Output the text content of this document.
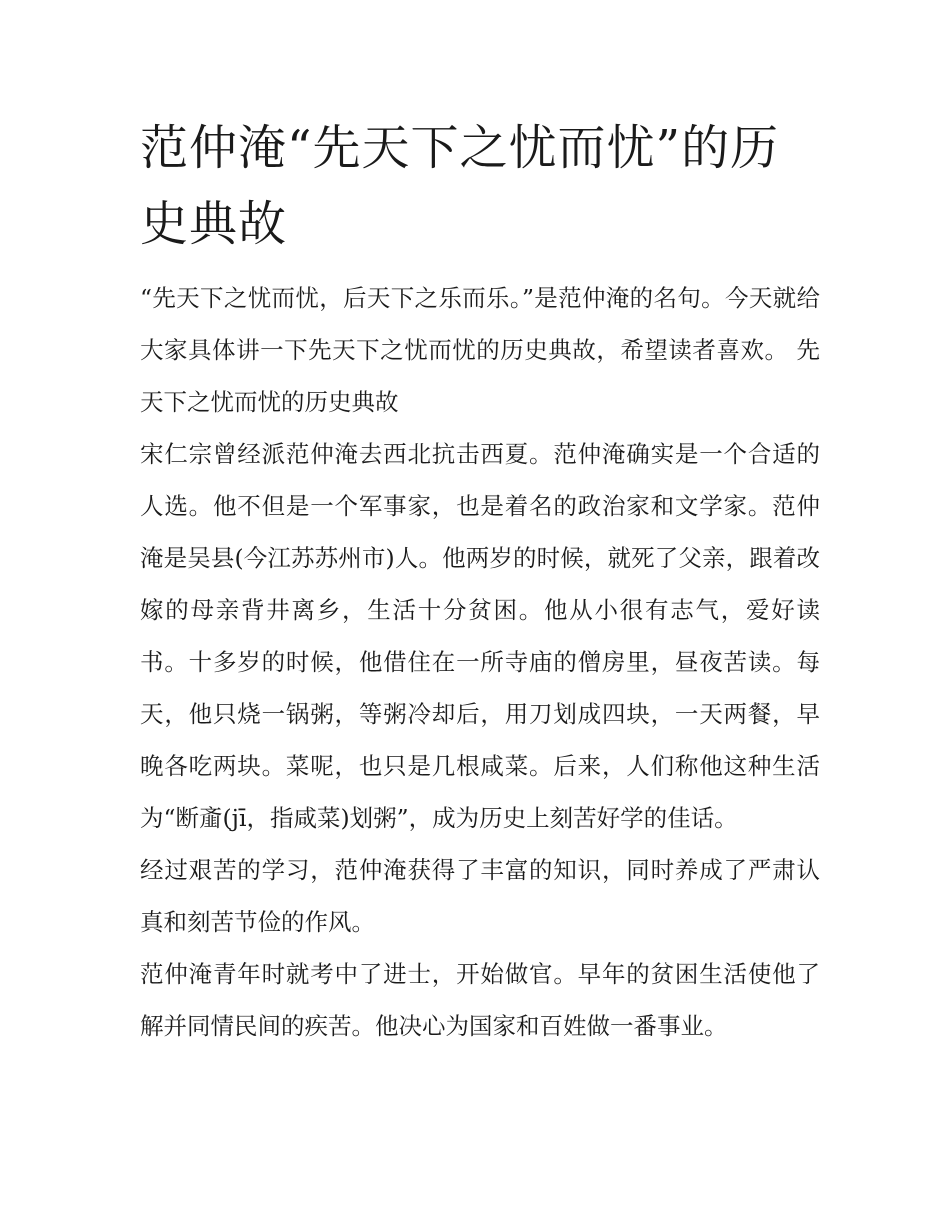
范仲淹“先天下之忧而忧”的历史典故

“先天下之忧而忧，后天下之乐而乐。”是范仲淹的名句。今天就给大家具体讲一下先天下之忧而忧的历史典故，希望读者喜欢。 先天下之忧而忧的历史典故

宋仁宗曾经派范仲淹去西北抗击西夏。范仲淹确实是一个合适的人选。他不但是一个军事家，也是着名的政治家和文学家。范仲淹是吴县(今江苏苏州市)人。他两岁的时候，就死了父亲，跟着改嫁的母亲背井离乡，生活十分贫困。他从小很有志气，爱好读书。十多岁的时候，他借住在一所寺庙的僧房里，昼夜苦读。每天，他只烧一锅粥，等粥冷却后，用刀划成四块，一天两餐，早晚各吃两块。菜呢，也只是几根咸菜。后来，人们称他这种生活为“断齑(jī，指咸菜)划粥”，成为历史上刻苦好学的佳话。

经过艰苦的学习，范仲淹获得了丰富的知识，同时养成了严肃认真和刻苦节俭的作风。

范仲淹青年时就考中了进士，开始做官。早年的贫困生活使他了解并同情民间的疾苦。他决心为国家和百姓做一番事业。
